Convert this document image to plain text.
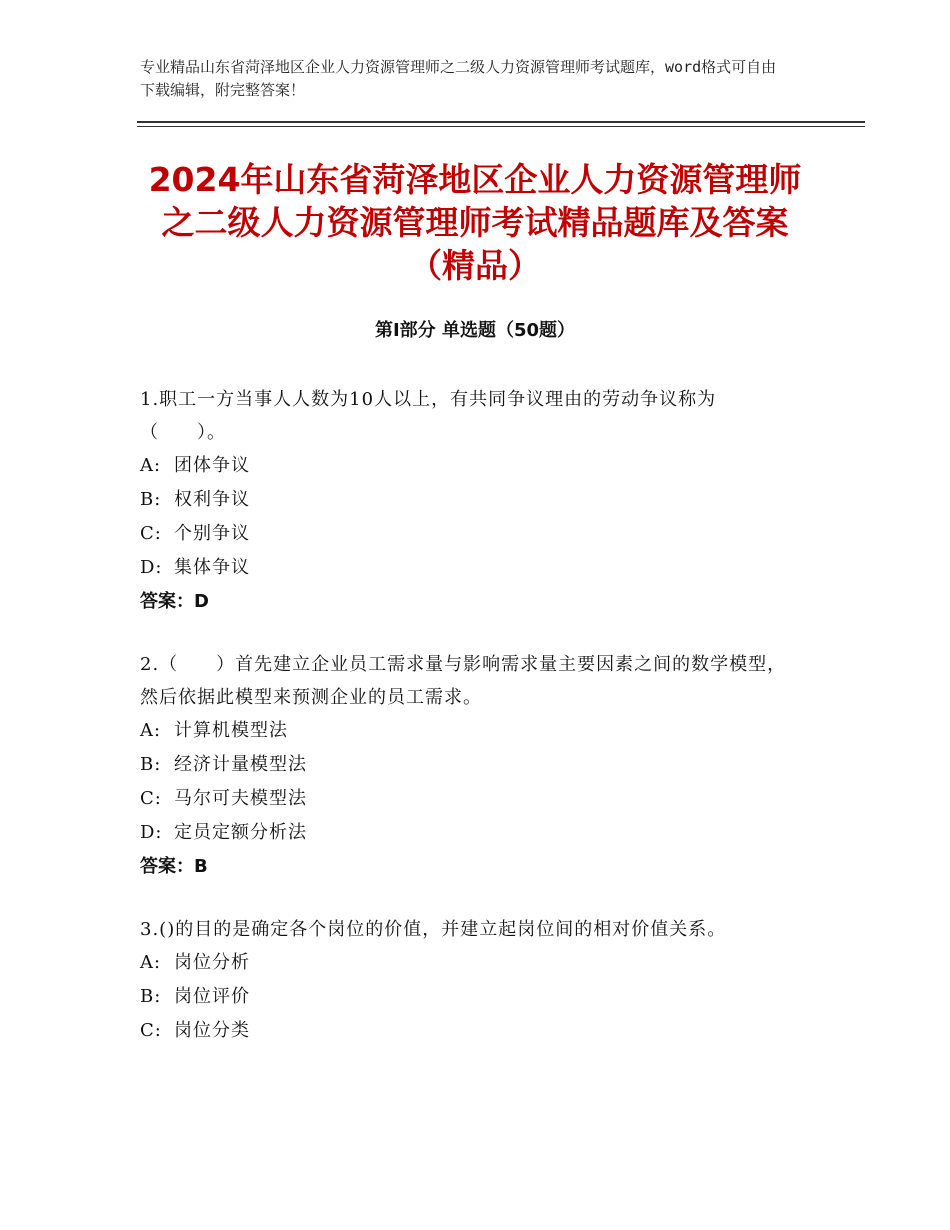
专业精品山东省菏泽地区企业人力资源管理师之二级人力资源管理师考试题库，word格式可自由下载编辑，附完整答案！
2024年山东省菏泽地区企业人力资源管理师之二级人力资源管理师考试精品题库及答案（精品）
第Ⅰ部分 单选题（50题）
1.职工一方当事人人数为10人以上，有共同争议理由的劳动争议称为（　　）。
A: 团体争议
B: 权利争议
C: 个别争议
D: 集体争议
答案：D
2.（　　）首先建立企业员工需求量与影响需求量主要因素之间的数学模型，然后依据此模型来预测企业的员工需求。
A: 计算机模型法
B: 经济计量模型法
C: 马尔可夫模型法
D: 定员定额分析法
答案：B
3.()的目的是确定各个岗位的价值，并建立起岗位间的相对价值关系。
A: 岗位分析
B: 岗位评价
C: 岗位分类
